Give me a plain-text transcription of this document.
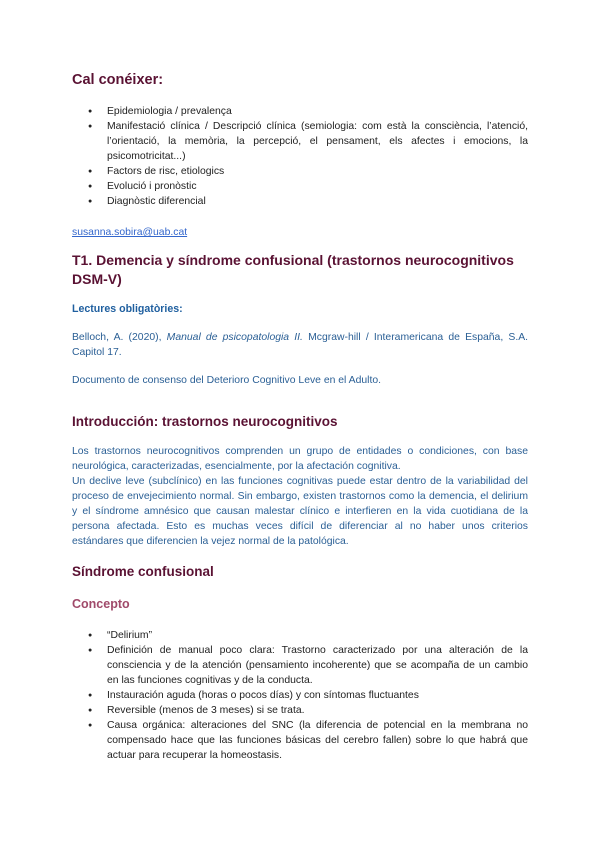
Cal conéixer:
● Epidemiologia / prevalença
● Manifestació clínica / Descripció clínica (semiologia: com està la consciència, l’atenció, l’orientació, la memòria, la percepció, el pensament, els afectes i emocions, la psicomotricitat...)
● Factors de risc, etiologics
● Evolució i pronòstic
● Diagnòstic diferencial
susanna.sobira@uab.cat
T1. Demencia y síndrome confusional (trastornos neurocognitivos DSM-V)
Lectures obligatòries:

Belloch, A. (2020), Manual de psicopatologia II. Mcgraw-hill / Interamericana de España, S.A. Capitol 17.

Documento de consenso del Deterioro Cognitivo Leve en el Adulto.

Introducción: trastornos neurocognitivos

Los trastornos neurocognitivos comprenden un grupo de entidades o condiciones, con base neurológica, caracterizadas, esencialmente, por la afectación cognitiva.

Un declive leve (subclínico) en las funciones cognitivas puede estar dentro de la variabilidad del proceso de envejecimiento normal. Sin embargo, existen trastornos como la demencia, el delirium y el síndrome amnésico que causan malestar clínico e interfieren en la vida cuotidiana de la persona afectada. Esto es muchas veces difícil de diferenciar al no haber unos criterios estándares que diferencien la vejez normal de la patológica.

Síndrome confusional
Concepto
● “Delirium”
● Definición de manual poco clara: Trastorno caracterizado por una alteración de la consciencia y de la atención (pensamiento incoherente) que se acompaña de un cambio en las funciones cognitivas y de la conducta.
● Instauración aguda (horas o pocos días) y con síntomas fluctuantes
● Reversible (menos de 3 meses) si se trata.
● Causa orgánica: alteraciones del SNC (la diferencia de potencial en la membrana no compensado hace que las funciones básicas del cerebro fallen) sobre lo que habrá que actuar para recuperar la homeostasis.
